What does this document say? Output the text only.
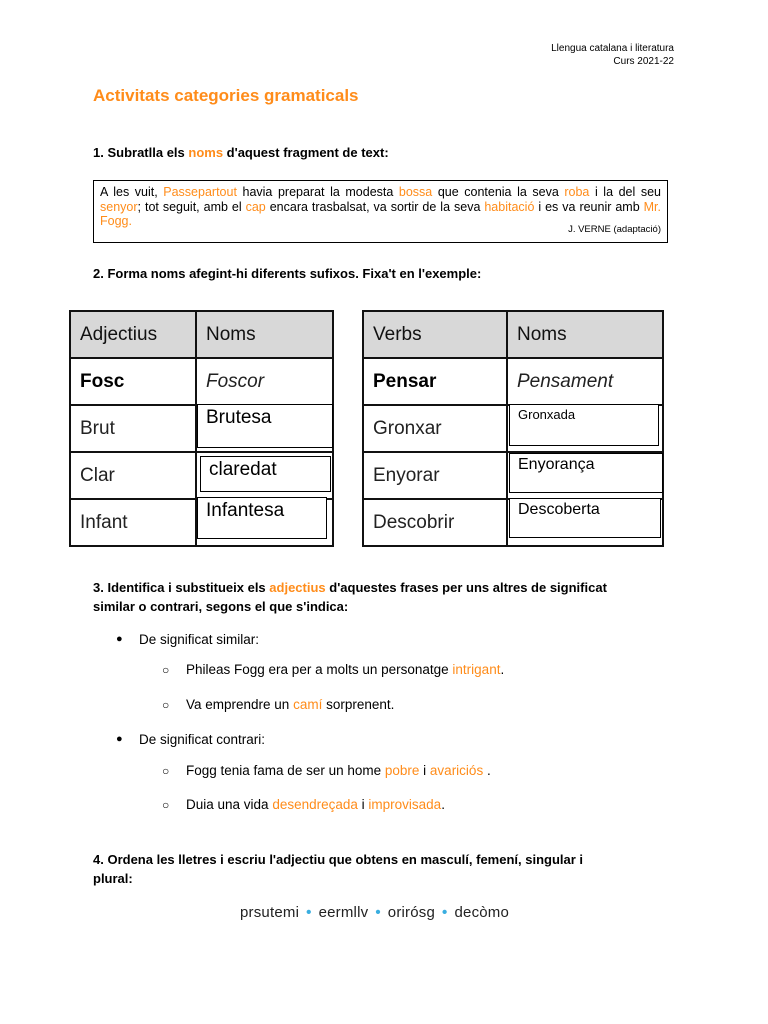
Llengua catalana i literatura
Curs 2021-22
Activitats categories gramaticals

1. Subratlla els noms d'aquest fragment de text:

A les vuit, Passepartout havia preparat la modesta bossa que contenia la seva roba i la del seu senyor; tot seguit, amb el cap encara trasbalsat, va sortir de la seva habitació i es va reunir amb Mr. Fogg.
J. VERNE (adaptació)

2. Forma noms afegint-hi diferents sufixos. Fixa't en l'exemple:

Adjectius	Noms
Fosc	Foscor
Brut	Brutesa

Clar	claredat

Infant	Infantesa
Verbs	Noms
Pensar	Pensament
Gronxar	Gronxada

Enyorar	Enyorança

Descobrir	Descoberta

3. Identifica i substitueix els adjectius d'aquestes frases per uns altres de significat
similar o contrari, segons el que s'indica:

● De significat similar:
○ Phileas Fogg era per a molts un personatge intrigant.
○ Va emprendre un camí sorprenent.
● De significat contrari:
○ Fogg tenia fama de ser un home pobre i avariciós .
○ Duia una vida desendreçada i improvisada.

4. Ordena les lletres i escriu l'adjectiu que obtens en masculí, femení, singular i
plural:

prsutemi • eermllv • orirósg • decòmo
